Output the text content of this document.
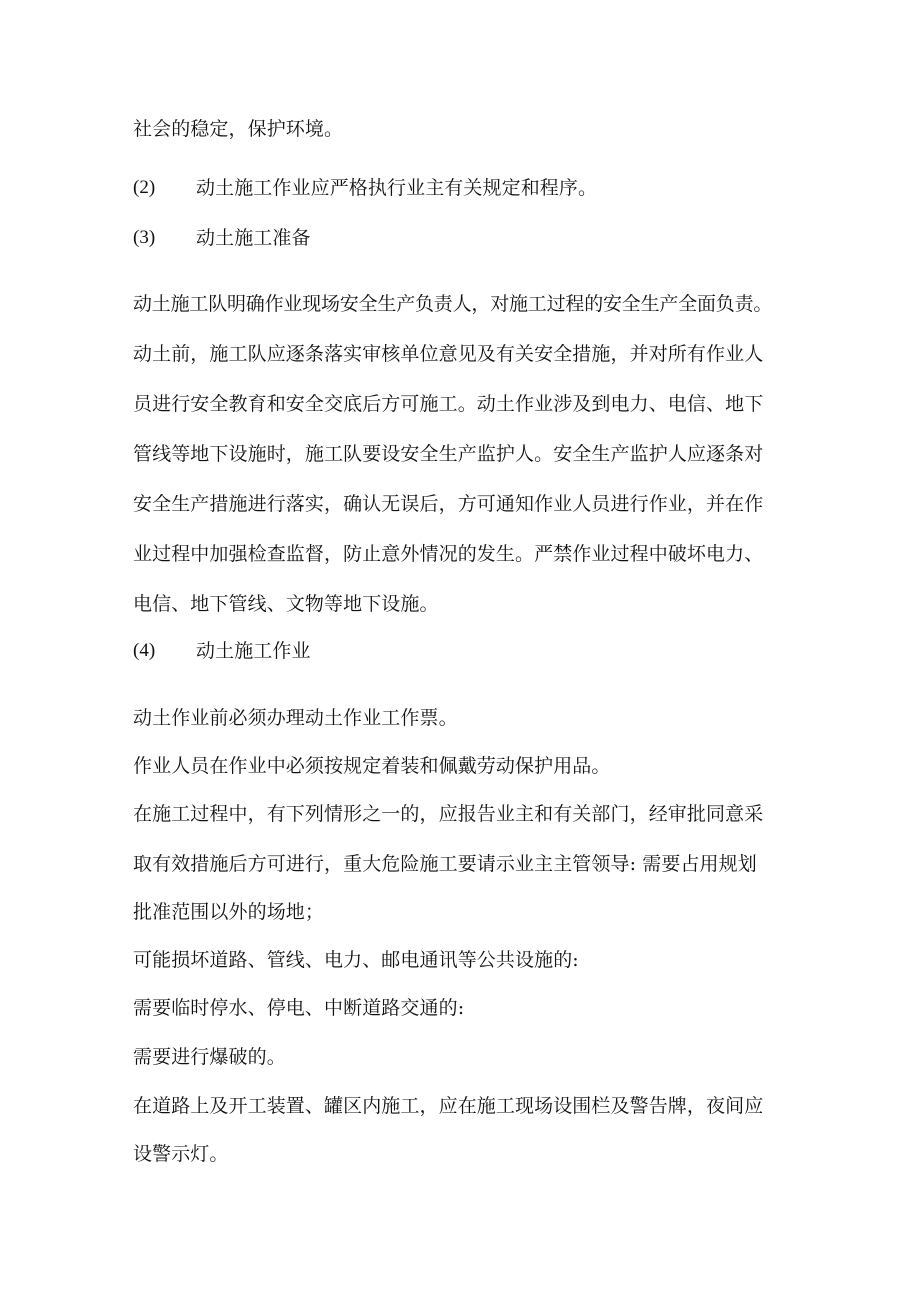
社会的稳定，保护环境。
(2) 动土施工作业应严格执行业主有关规定和程序。
(3) 动土施工准备
动土施工队明确作业现场安全生产负责人，对施工过程的安全生产全面负责。
动土前，施工队应逐条落实审核单位意见及有关安全措施，并对所有作业人
员进行安全教育和安全交底后方可施工。动土作业涉及到电力、电信、地下
管线等地下设施时，施工队要设安全生产监护人。安全生产监护人应逐条对
安全生产措施进行落实，确认无误后，方可通知作业人员进行作业，并在作
业过程中加强检查监督，防止意外情况的发生。严禁作业过程中破坏电力、
电信、地下管线、文物等地下设施。
(4) 动土施工作业
动土作业前必须办理动土作业工作票。
作业人员在作业中必须按规定着装和佩戴劳动保护用品。
在施工过程中，有下列情形之一的，应报告业主和有关部门，经审批同意采
取有效措施后方可进行，重大危险施工要请示业主主管领导: 需要占用规划
批准范围以外的场地；
可能损坏道路、管线、电力、邮电通讯等公共设施的:
需要临时停水、停电、中断道路交通的:
需要进行爆破的。
在道路上及开工装置、罐区内施工，应在施工现场设围栏及警告牌，夜间应
设警示灯。
